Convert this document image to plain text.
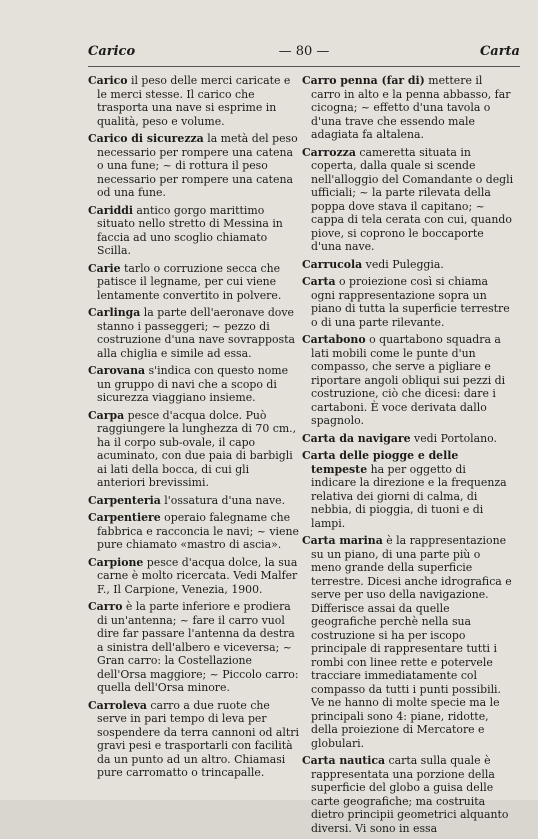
Carico	— 80 —	Carta

Carico il peso delle merci caricate e le merci stesse. Il carico che trasporta una nave si esprime in qualità, peso e volume.

Carico di sicurezza la metà del peso necessario per rompere una catena o una fune; ~ di rottura il peso necessario per rompere una catena od una fune.

Cariddi antico gorgo marittimo situato nello stretto di Messina in faccia ad uno scoglio chiamato Scilla.

Carie tarlo o corruzione secca che patisce il legname, per cui viene lentamente convertito in polvere.

Carlinga la parte dell'aeronave dove stanno i passeggeri; ~ pezzo di costruzione d'una nave sovrapposta alla chiglia e simile ad essa.

Carovana s'indica con questo nome un gruppo di navi che a scopo di sicurezza viaggiano insieme.

Carpa pesce d'acqua dolce. Può raggiungere la lunghezza di 70 cm., ha il corpo sub-ovale, il capo acuminato, con due paia di barbigli ai lati della bocca, di cui gli anteriori brevissimi.

Carpenteria l'ossatura d'una nave.

Carpentiere operaio falegname che fabbrica e racconcia le navi; ~ viene pure chiamato «mastro di ascia».

Carpione pesce d'acqua dolce, la sua carne è molto ricercata. Vedi Malfer F., Il Carpione, Venezia, 1900.

Carro è la parte inferiore e prodiera di un'antenna; ~ fare il carro vuol dire far passare l'antenna da destra a sinistra dell'albero e viceversa; ~ Gran carro: la Costellazione dell'Orsa maggiore; ~ Piccolo carro: quella dell'Orsa minore.

Carroleva carro a due ruote che serve in pari tempo di leva per sospendere da terra cannoni od altri gravi pesi e trasportarli con facilità da un punto ad un altro. Chiamasi pure carromatto o trincapalle.

Carro penna (far di) mettere il carro in alto e la penna abbasso, far cicogna; ~ effetto d'una tavola o d'una trave che essendo male adagiata fa altalena.

Carrozza cameretta situata in coperta, dalla quale si scende nell'alloggio del Comandante o degli ufficiali; ~ la parte rilevata della poppa dove stava il capitano; ~ cappa di tela cerata con cui, quando piove, si coprono le boccaporte d'una nave.

Carrucola vedi Puleggia.

Carta o proiezione così si chiama ogni rappresentazione sopra un piano di tutta la superficie terrestre o di una parte rilevante.

Cartabono o quartabono squadra a lati mobili come le punte d'un compasso, che serve a pigliare e riportare angoli obliqui sui pezzi di costruzione, ciò che dicesi: dare i cartaboni. È voce derivata dallo spagnolo.

Carta da navigare vedi Portolano.

Carta delle piogge e delle tempeste ha per oggetto di indicare la direzione e la frequenza relativa dei giorni di calma, di nebbia, di pioggia, di tuoni e di lampi.

Carta marina è la rappresentazione su un piano, di una parte più o meno grande della superficie terrestre. Dicesi anche idrografica e serve per uso della navigazione. Differisce assai da quelle geografiche perchè nella sua costruzione si ha per iscopo principale di rappresentare tutti i rombi con linee rette e potervele tracciare immediatamente col compasso da tutti i punti possibili. Ve ne hanno di molte specie ma le principali sono 4: piane, ridotte, della proiezione di Mercatore e globulari.

Carta nautica carta sulla quale è rappresentata una porzione della superficie del globo a guisa delle carte geografiche; ma costruita dietro principii geometrici alquanto diversi. Vi sono in essa
